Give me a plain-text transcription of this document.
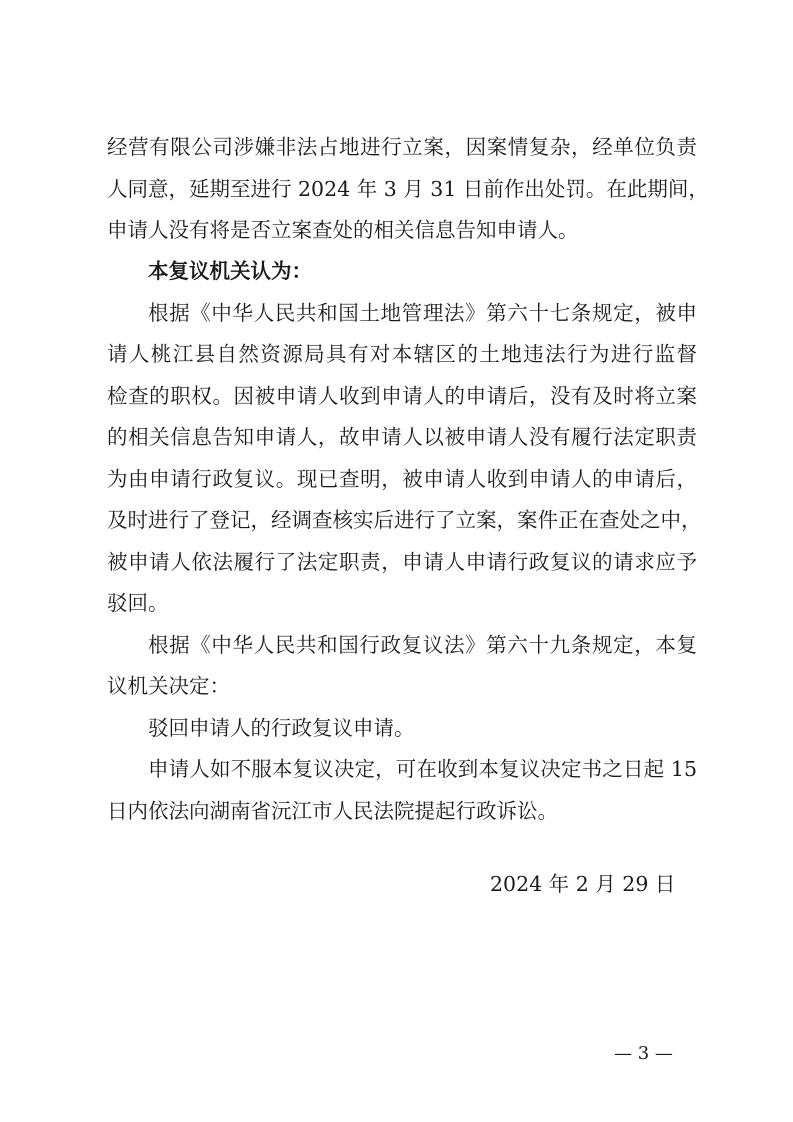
经营有限公司涉嫌非法占地进行立案，因案情复杂，经单位负责
人同意，延期至进行 2024 年 3 月 31 日前作出处罚。在此期间，
申请人没有将是否立案查处的相关信息告知申请人。
本复议机关认为：
根据《中华人民共和国土地管理法》第六十七条规定，被申
请人桃江县自然资源局具有对本辖区的土地违法行为进行监督
检查的职权。因被申请人收到申请人的申请后，没有及时将立案
的相关信息告知申请人，故申请人以被申请人没有履行法定职责
为由申请行政复议。现已查明，被申请人收到申请人的申请后，
及时进行了登记，经调查核实后进行了立案，案件正在查处之中，
被申请人依法履行了法定职责，申请人申请行政复议的请求应予
驳回。
根据《中华人民共和国行政复议法》第六十九条规定，本复
议机关决定：
驳回申请人的行政复议申请。
申请人如不服本复议决定，可在收到本复议决定书之日起 15
日内依法向湖南省沅江市人民法院提起行政诉讼。
2024 年 2 月 29 日
— 3 —
